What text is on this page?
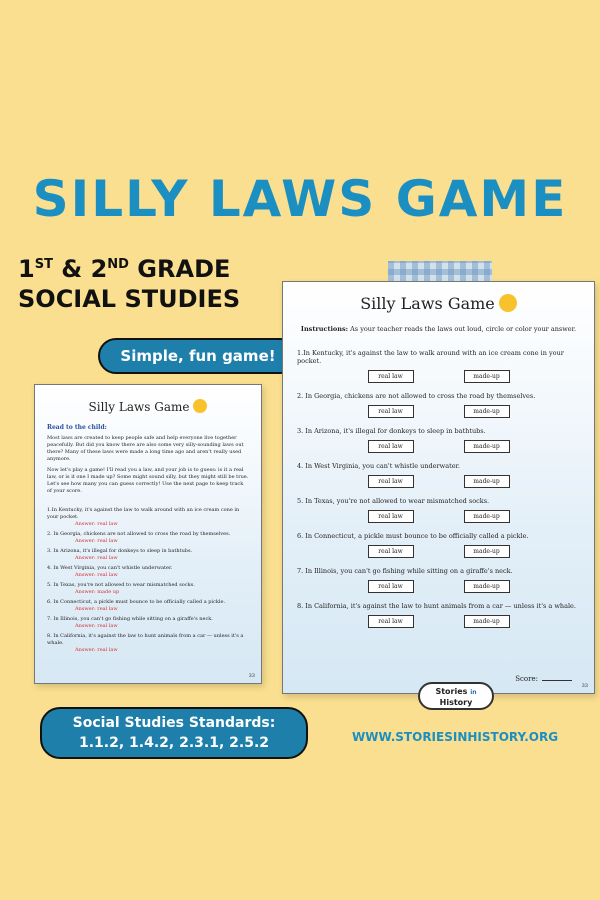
SILLY LAWS GAME
1ST & 2ND GRADE
SOCIAL STUDIES
Simple, fun game!
Silly Laws Game
Read to the child:
Most laws are created to keep people safe and help everyone live together peacefully. But did you know there are also some very silly-sounding laws out there? Many of these laws were made a long time ago and aren't really used anymore.
Now let's play a game! I'll read you a law, and your job is to guess: is it a real law, or is it one I made up? Some might sound silly, but they might still be true. Let's see how many you can guess correctly! Use the next page to keep track of your score.
1.In Kentucky, it's against the law to walk around with an ice cream cone in your pocket.
Answer: real law
2. In Georgia, chickens are not allowed to cross the road by themselves.
Answer: real law
3. In Arizona, it's illegal for donkeys to sleep in bathtubs.
Answer: real law
4. In West Virginia, you can't whistle underwater.
Answer: real law
5. In Texas, you're not allowed to wear mismatched socks.
Answer: made up
6. In Connecticut, a pickle must bounce to be officially called a pickle.
Answer: real law
7. In Illinois, you can't go fishing while sitting on a giraffe's neck.
Answer: real law
8. In California, it's against the law to hunt animals from a car — unless it's a whale.
Answer: real law
33
Silly Laws Game
Instructions: As your teacher reads the laws out loud, circle or color your answer.
1.In Kentucky, it's against the law to walk around with an ice cream cone in your pocket.
real law	made-up
2. In Georgia, chickens are not allowed to cross the road by themselves.
real law	made-up
3. In Arizona, it's illegal for donkeys to sleep in bathtubs.
real law	made-up
4. In West Virginia, you can't whistle underwater.
real law	made-up
5. In Texas, you're not allowed to wear mismatched socks.
real law	made-up
6. In Connecticut, a pickle must bounce to be officially called a pickle.
real law	made-up
7. In Illinois, you can't go fishing while sitting on a giraffe's neck.
real law	made-up
8. In California, it's against the law to hunt animals from a car — unless it's a whale.
real law	made-up
Score:
33
Stories in
History
Social Studies Standards:
1.1.2, 1.4.2, 2.3.1, 2.5.2	WWW.STORIESINHISTORY.ORG
